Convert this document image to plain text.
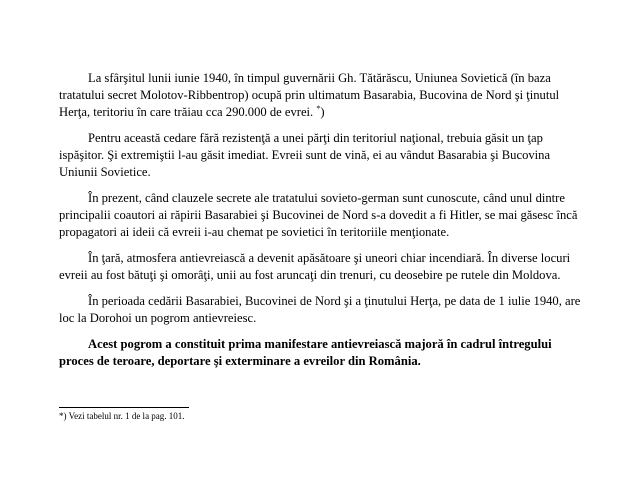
La sfârşitul lunii iunie 1940, în timpul guvernării Gh. Tătărăscu, Uniunea Sovietică (în baza tratatului secret Molotov-Ribbentrop) ocupă prin ultimatum Basarabia, Bucovina de Nord şi ţinutul Herţa, teritoriu în care trăiau cca 290.000 de evrei. *)

Pentru această cedare fără rezistenţă a unei părţi din teritoriul naţional, trebuia găsit un ţap ispăşitor. Şi extremiştii l-au găsit imediat. Evreii sunt de vină, ei au vândut Basarabia şi Bucovina Uniunii Sovietice.

În prezent, când clauzele secrete ale tratatului sovieto-german sunt cunoscute, când unul dintre principalii coautori ai răpirii Basarabiei şi Bucovinei de Nord s-a dovedit a fi Hitler, se mai găsesc încă propagatori ai ideii că evreii i-au chemat pe sovietici în teritoriile menţionate.

În ţară, atmosfera antievreiască a devenit apăsătoare şi uneori chiar incendiară. În diverse locuri evreii au fost bătuţi şi omorâţi, unii au fost aruncaţi din trenuri, cu deosebire pe rutele din Moldova.

În perioada cedării Basarabiei, Bucovinei de Nord şi a ţinutului Herţa, pe data de 1 iulie 1940, are loc la Dorohoi un pogrom antievreiesc.

Acest pogrom a constituit prima manifestare antievreiască majoră în cadrul întregului proces de teroare, deportare şi exterminare a evreilor din România.

*) Vezi tabelul nr. 1 de la pag. 101.
